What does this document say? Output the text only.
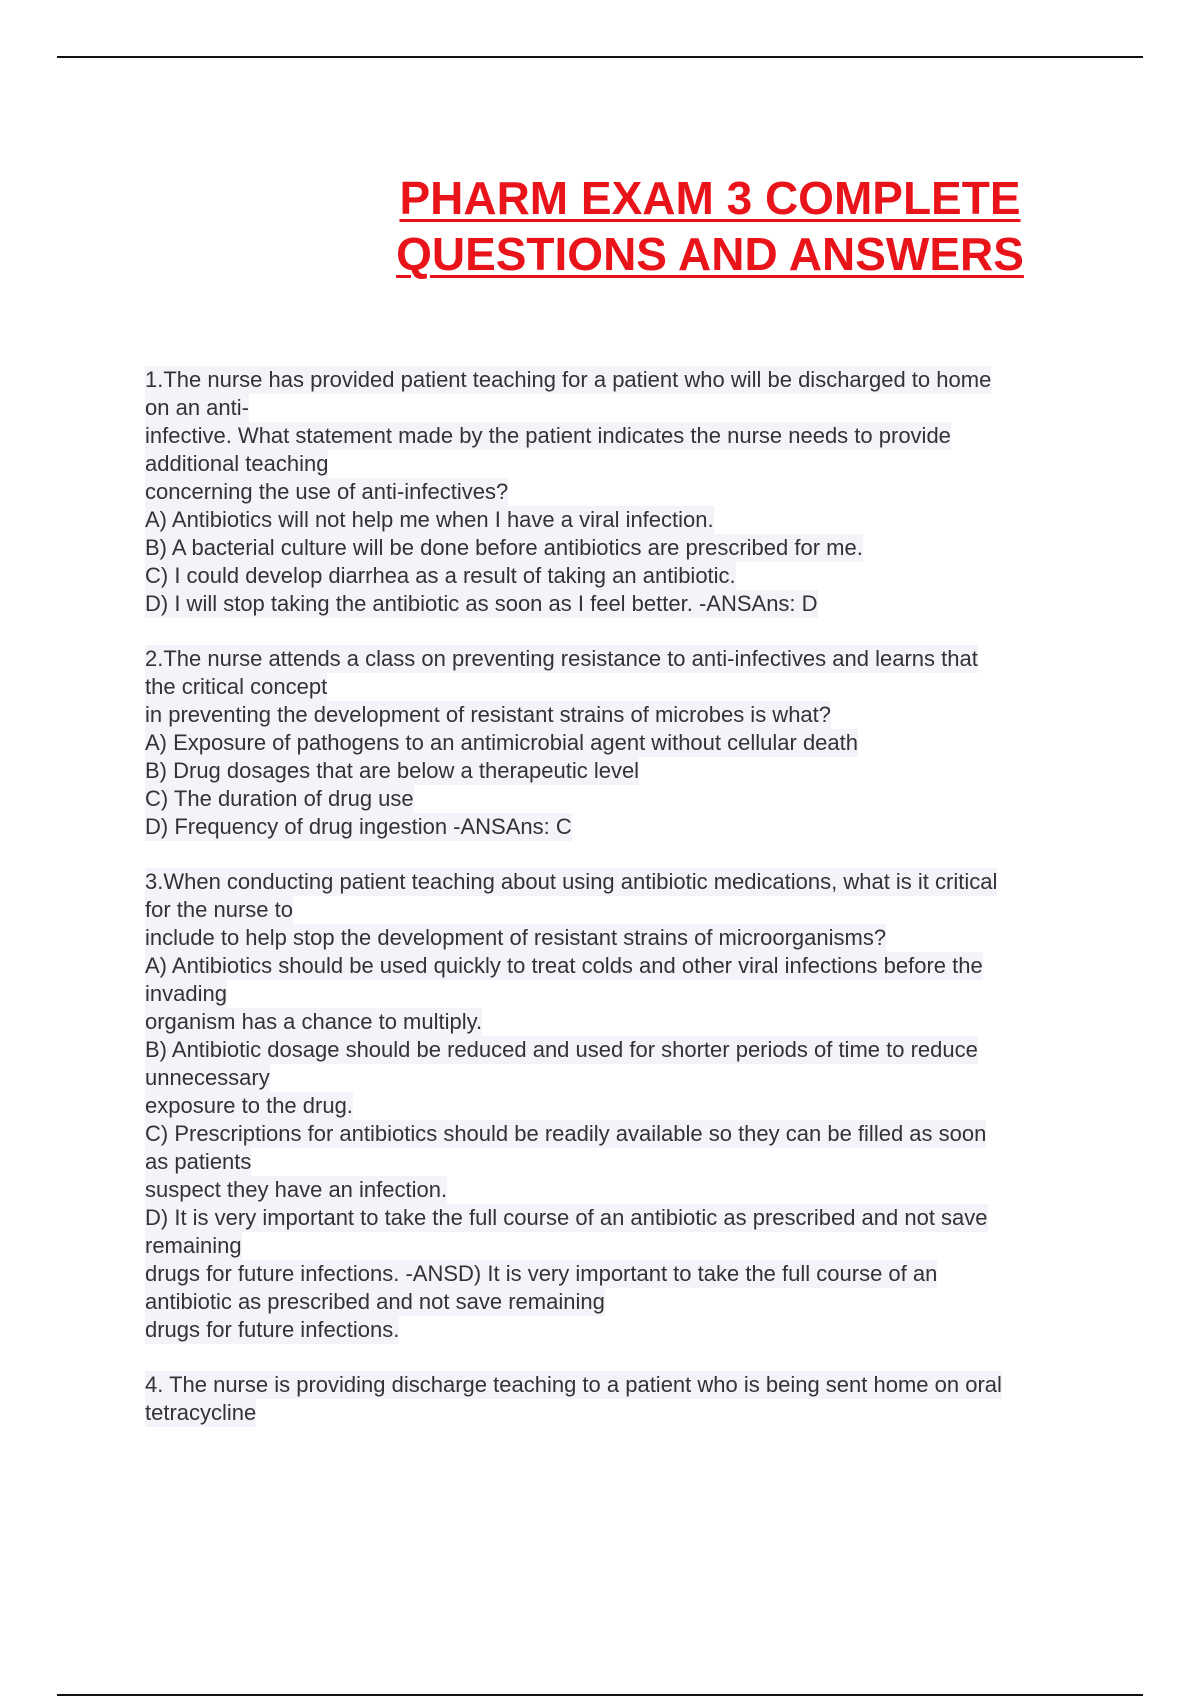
PHARM EXAM 3 COMPLETE
QUESTIONS AND ANSWERS
1.The nurse has provided patient teaching for a patient who will be discharged to home
on an anti-
infective. What statement made by the patient indicates the nurse needs to provide
additional teaching
concerning the use of anti-infectives?
A) Antibiotics will not help me when I have a viral infection.
B) A bacterial culture will be done before antibiotics are prescribed for me.
C) I could develop diarrhea as a result of taking an antibiotic.
D) I will stop taking the antibiotic as soon as I feel better. -ANSAns: D
2.The nurse attends a class on preventing resistance to anti-infectives and learns that
the critical concept
in preventing the development of resistant strains of microbes is what?
A) Exposure of pathogens to an antimicrobial agent without cellular death
B) Drug dosages that are below a therapeutic level
C) The duration of drug use
D) Frequency of drug ingestion -ANSAns: C
3.When conducting patient teaching about using antibiotic medications, what is it critical
for the nurse to
include to help stop the development of resistant strains of microorganisms?
A) Antibiotics should be used quickly to treat colds and other viral infections before the
invading
organism has a chance to multiply.
B) Antibiotic dosage should be reduced and used for shorter periods of time to reduce
unnecessary
exposure to the drug.
C) Prescriptions for antibiotics should be readily available so they can be filled as soon
as patients
suspect they have an infection.
D) It is very important to take the full course of an antibiotic as prescribed and not save
remaining
drugs for future infections. -ANSD) It is very important to take the full course of an
antibiotic as prescribed and not save remaining
drugs for future infections.
4. The nurse is providing discharge teaching to a patient who is being sent home on oral
tetracycline
